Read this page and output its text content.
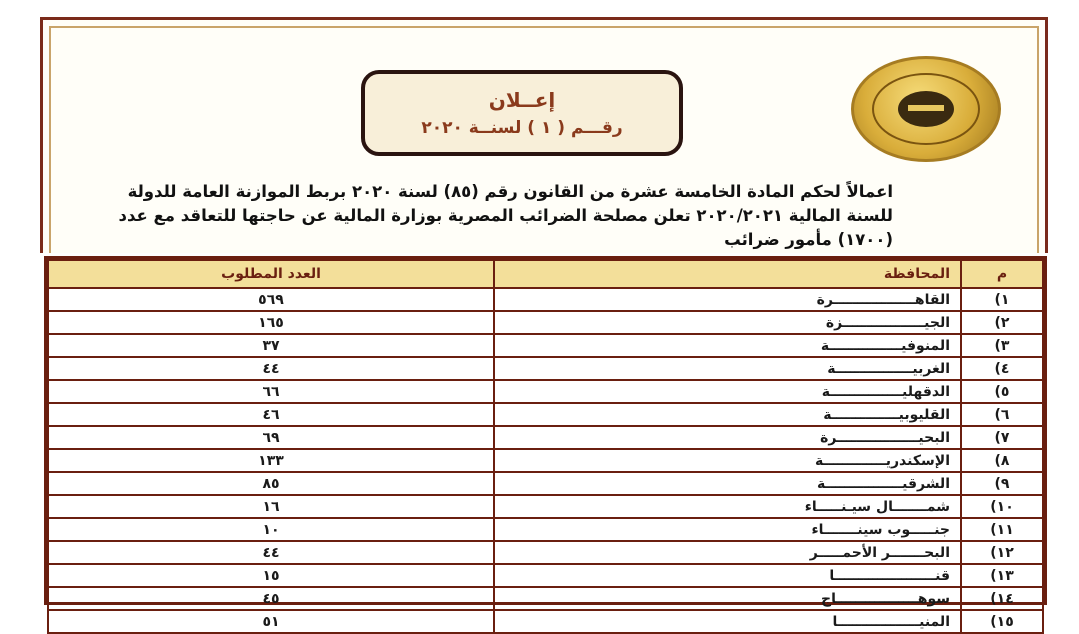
إعــلان
رقـــم ( ١ ) لسنــة ٢٠٢٠
اعمالاً لحكم المادة الخامسة عشرة من القانون رقم (٨٥) لسنة ٢٠٢٠ بربط الموازنة العامة للدولة للسنة المالية ٢٠٢٠/٢٠٢١ تعلن مصلحة الضرائب المصرية بوزارة المالية عن حاجتها للتعاقد مع عدد (١٧٠٠) مأمور ضرائب
م	المحافظة	العدد المطلوب
١)	القاهـــــــــــــــــرة	٥٦٩
٢)	الجيـــــــــــــــــزة	١٦٥
٣)	المنوفيـــــــــــــــة	٣٧
٤)	الغربيــــــــــــــــة	٤٤
٥)	الدقهليـــــــــــــــة	٦٦
٦)	القليوبيــــــــــــــة	٤٦
٧)	البحيـــــــــــــــــرة	٦٩
٨)	الإسكندريـــــــــــــة	١٣٣
٩)	الشرقيــــــــــــــــة	٨٥
١٠)	شمـــــــال سيـنـــــاء	١٦
١١)	جنـــــوب سينـــــــاء	١٠
١٢)	البحـــــــر الأحمـــــر	٤٤
١٣)	قنـــــــــــــــــــــا	١٥
١٤)	سوهـــــــــــــــــاج	٤٥
١٥)	المنيـــــــــــــــــا	٥١
